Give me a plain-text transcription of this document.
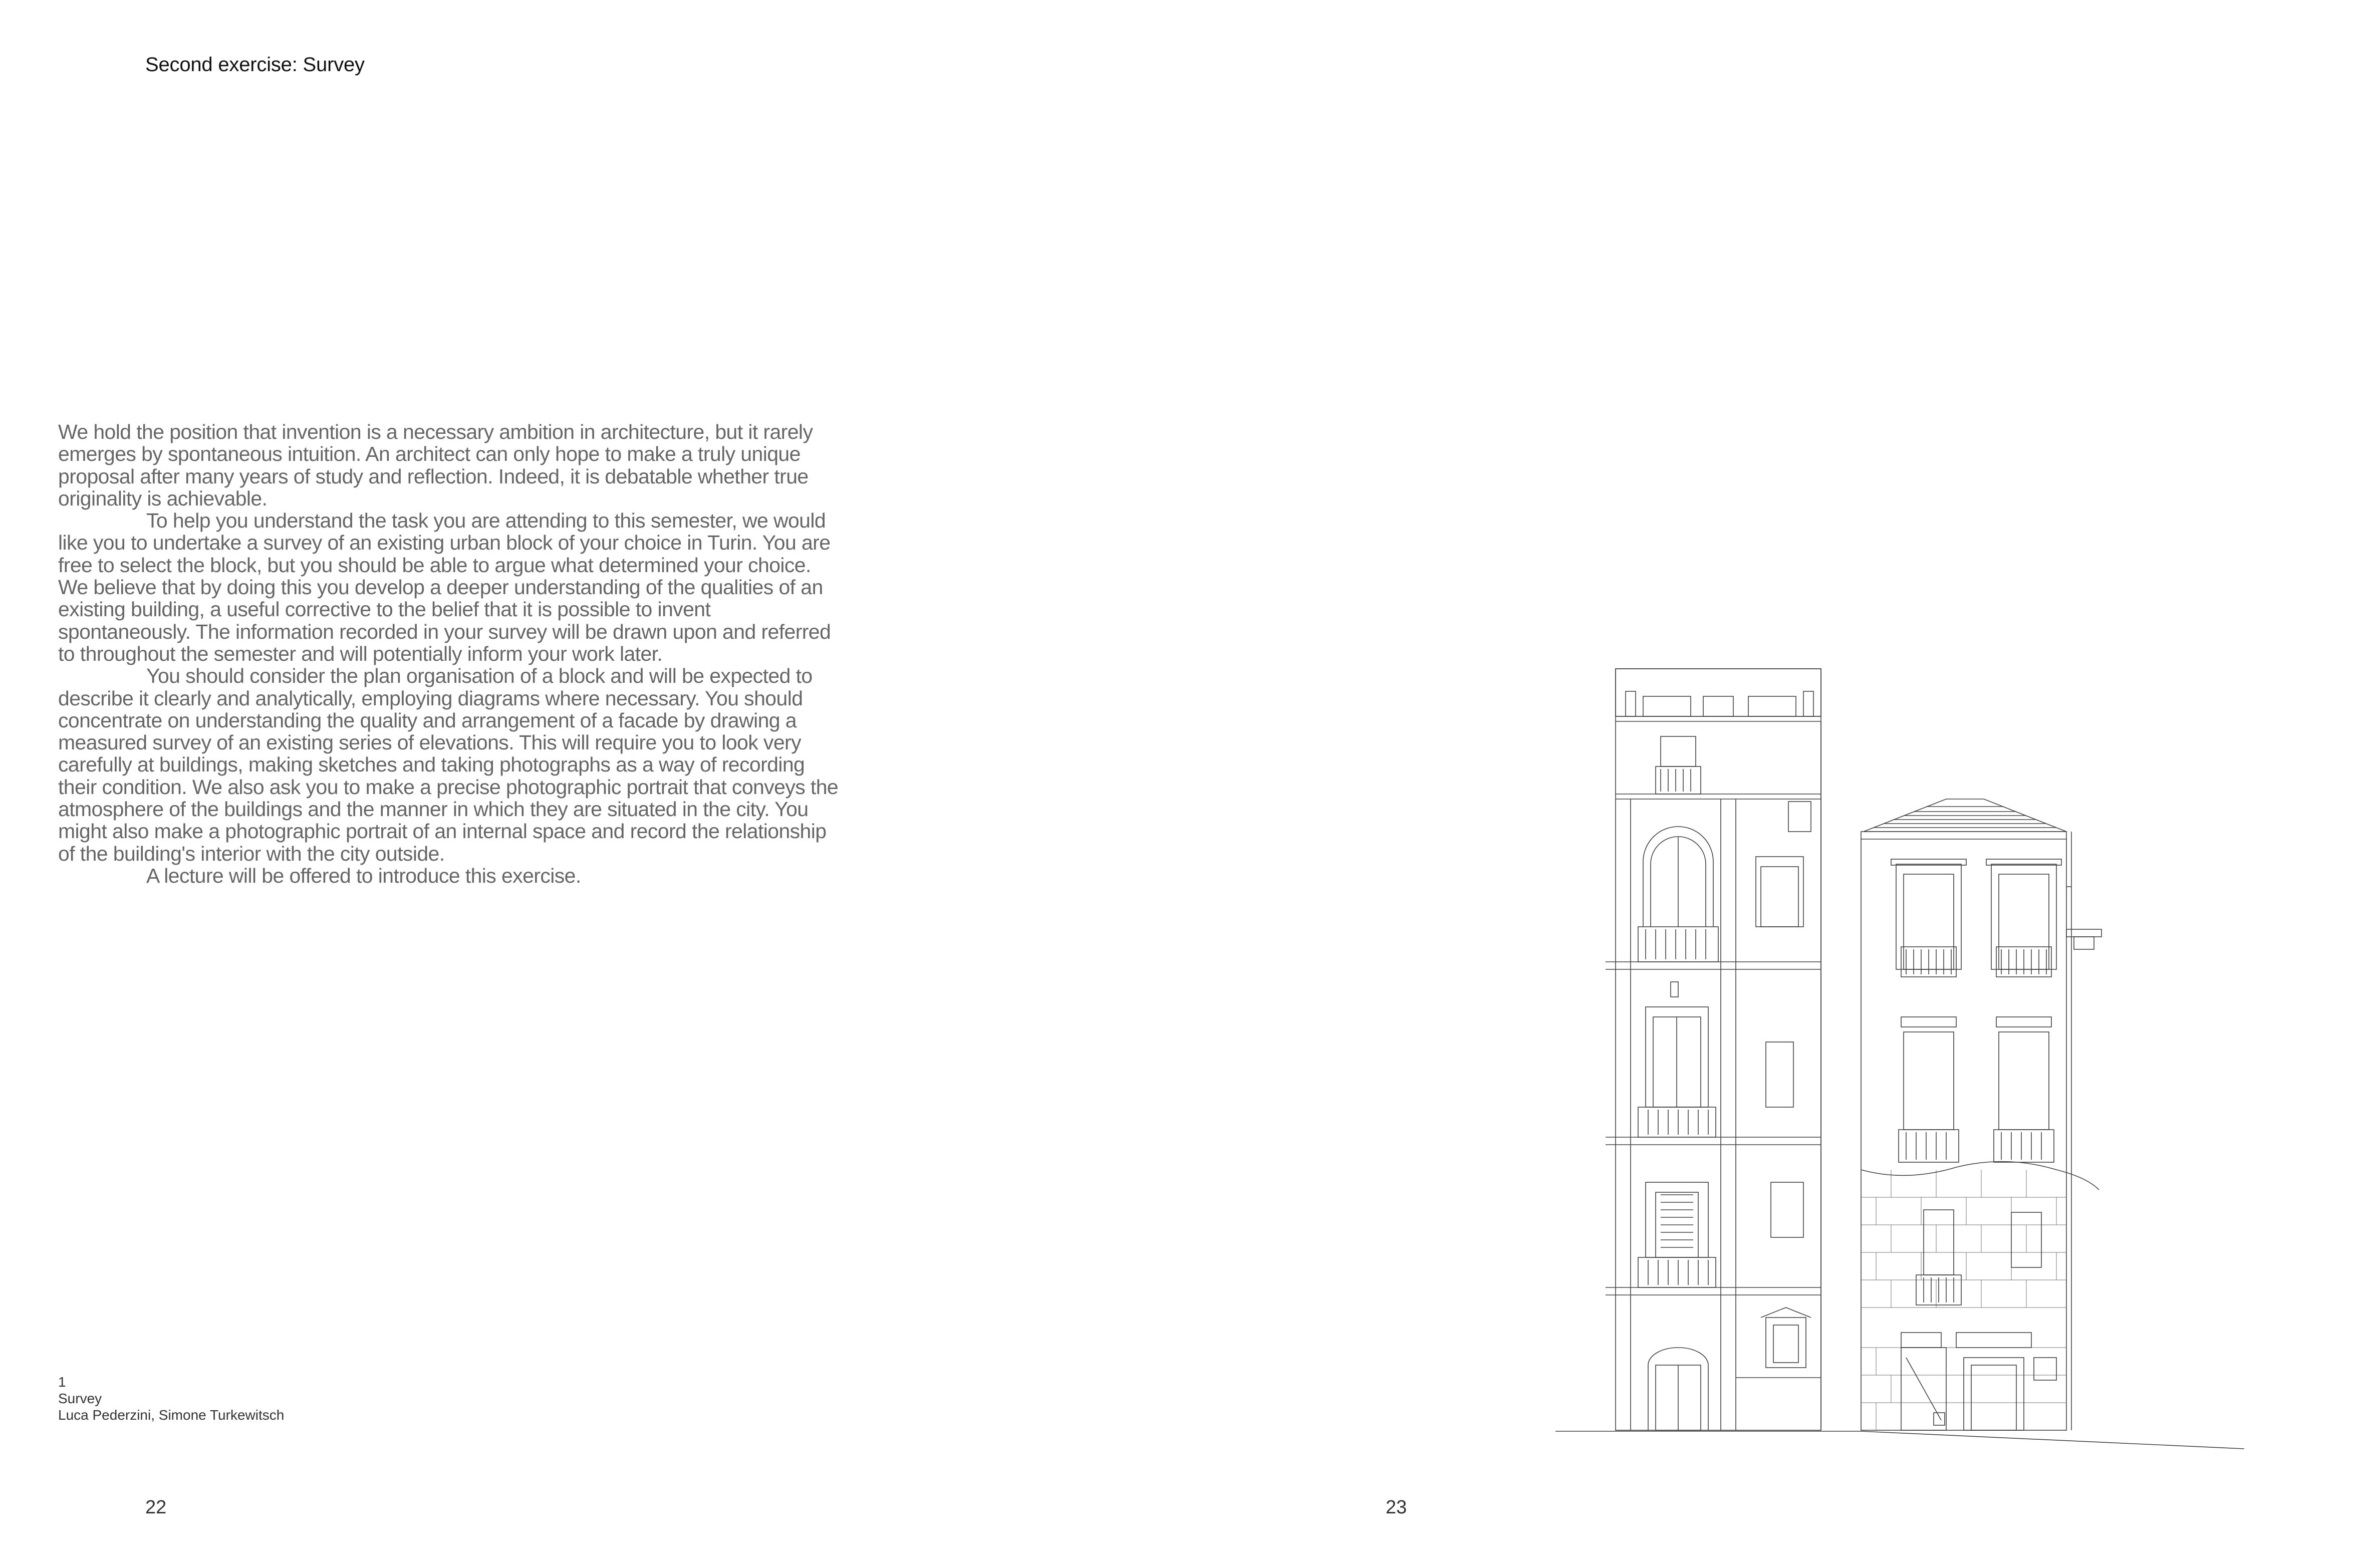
Second exercise: Survey

We hold the position that invention is a necessary ambition in architecture, but it rarely emerges by spontaneous intuition. An architect can only hope to make a truly unique proposal after many years of study and reflection. Indeed, it is debatable whether true originality is achievable.

To help you understand the task you are attending to this semester, we would like you to undertake a survey of an existing urban block of your choice in Turin. You are free to select the block, but you should be able to argue what determined your choice. We believe that by doing this you develop a deeper understanding of the qualities of an existing building, a useful corrective to the belief that it is possible to invent spontaneously. The information recorded in your survey will be drawn upon and referred to throughout the semester and will potentially inform your work later.

You should consider the plan organisation of a block and will be expected to describe it clearly and analytically, employing diagrams where necessary. You should concentrate on understanding the quality and arrangement of a facade by drawing a measured survey of an existing series of elevations. This will require you to look very carefully at buildings, making sketches and taking photographs as a way of recording their condition. We also ask you to make a precise photographic portrait that conveys the atmosphere of the buildings and the manner in which they are situated in the city. You might also make a photographic portrait of an internal space and record the relationship of the building's interior with the city outside.

A lecture will be offered to introduce this exercise.

1
Survey
Luca Pederzini, Simone Turkewitsch
22	23
